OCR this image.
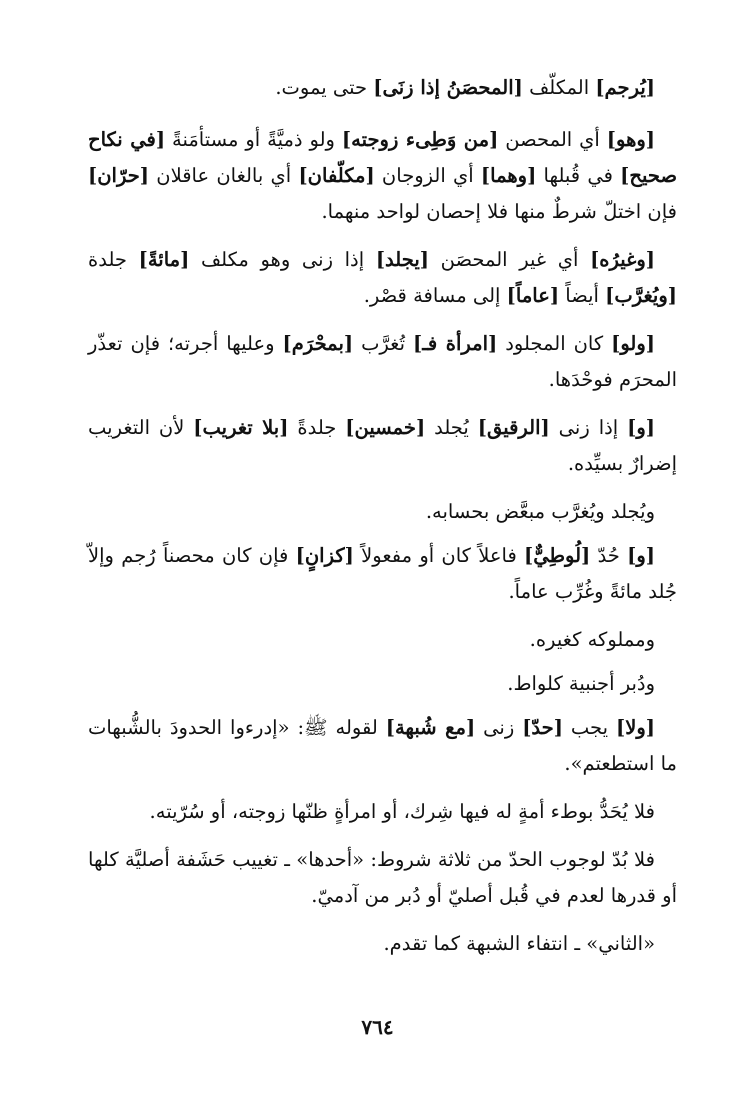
[يُرجم] المكلّف [المحصَنُ إذا زنَى] حتى يموت.

[وهو] أي المحصن [من وَطِىء زوجته] ولو ذميَّةً أو مستأمَنةً [في نكاح صحيح] في قُبلها [وهما] أي الزوجان [مكلّفان] أي بالغان عاقلان [حرّان] فإن اختلّ شرطٌ منها فلا إحصان لواحد منهما.

[وغيرُه] أي غير المحصَن [يجلد] إذا زنى وهو مكلف [مائةً] جلدة [ويُغرَّب] أيضاً [عاماً] إلى مسافة قصْر.

[ولو] كان المجلود [امرأة فـ] تُغرَّب [بمحْرَم] وعليها أجرته؛ فإن تعذّر المحرَم فوحْدَها.

[و] إذا زنى [الرقيق] يُجلد [خمسين] جلدةً [بلا تغريب] لأن التغريب إضرارٌ بسيِّده.

ويُجلد ويُغرَّب مبعَّض بحسابه.

[و] حُدّ [لُوطِيٌّ] فاعلاً كان أو مفعولاً [كزانٍ] فإن كان محصناً رُجم وإلاّ جُلد مائةً وغُرِّب عاماً.

ومملوكه كغيره.

ودُبر أجنبية كلواط.

[ولا] يجب [حدّ] زنى [مع شُبهة] لقوله ﷺ: «إدرءوا الحدودَ بالشُّبهات ما استطعتم».

فلا يُحَدُّ بوطء أمةٍ له فيها شِرك، أو امرأةٍ ظنّها زوجته، أو سُرّيته.

فلا بُدّ لوجوب الحدّ من ثلاثة شروط: «أحدها» ـ تغييب حَشَفة أصليَّة كلها أو قدرها لعدم في قُبل أصليّ أو دُبر من آدميّ.

«الثاني» ـ انتفاء الشبهة كما تقدم.

٧٦٤
